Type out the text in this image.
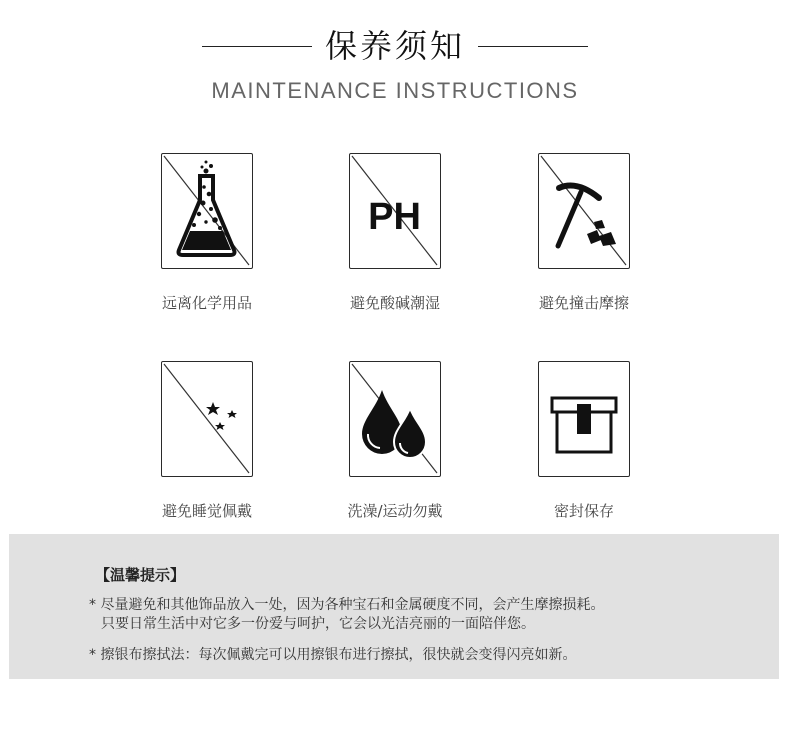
保养须知
MAINTENANCE INSTRUCTIONS
远离化学用品
PH
避免酸碱潮湿	避免撞击摩擦
避免睡觉佩戴	洗澡/运动勿戴	密封保存
【温馨提示】
* 尽量避免和其他饰品放入一处，因为各种宝石和金属硬度不同，会产生摩擦损耗。
只要日常生活中对它多一份爱与呵护，它会以光洁亮丽的一面陪伴您。
* 擦银布擦拭法：每次佩戴完可以用擦银布进行擦拭，很快就会变得闪亮如新。
